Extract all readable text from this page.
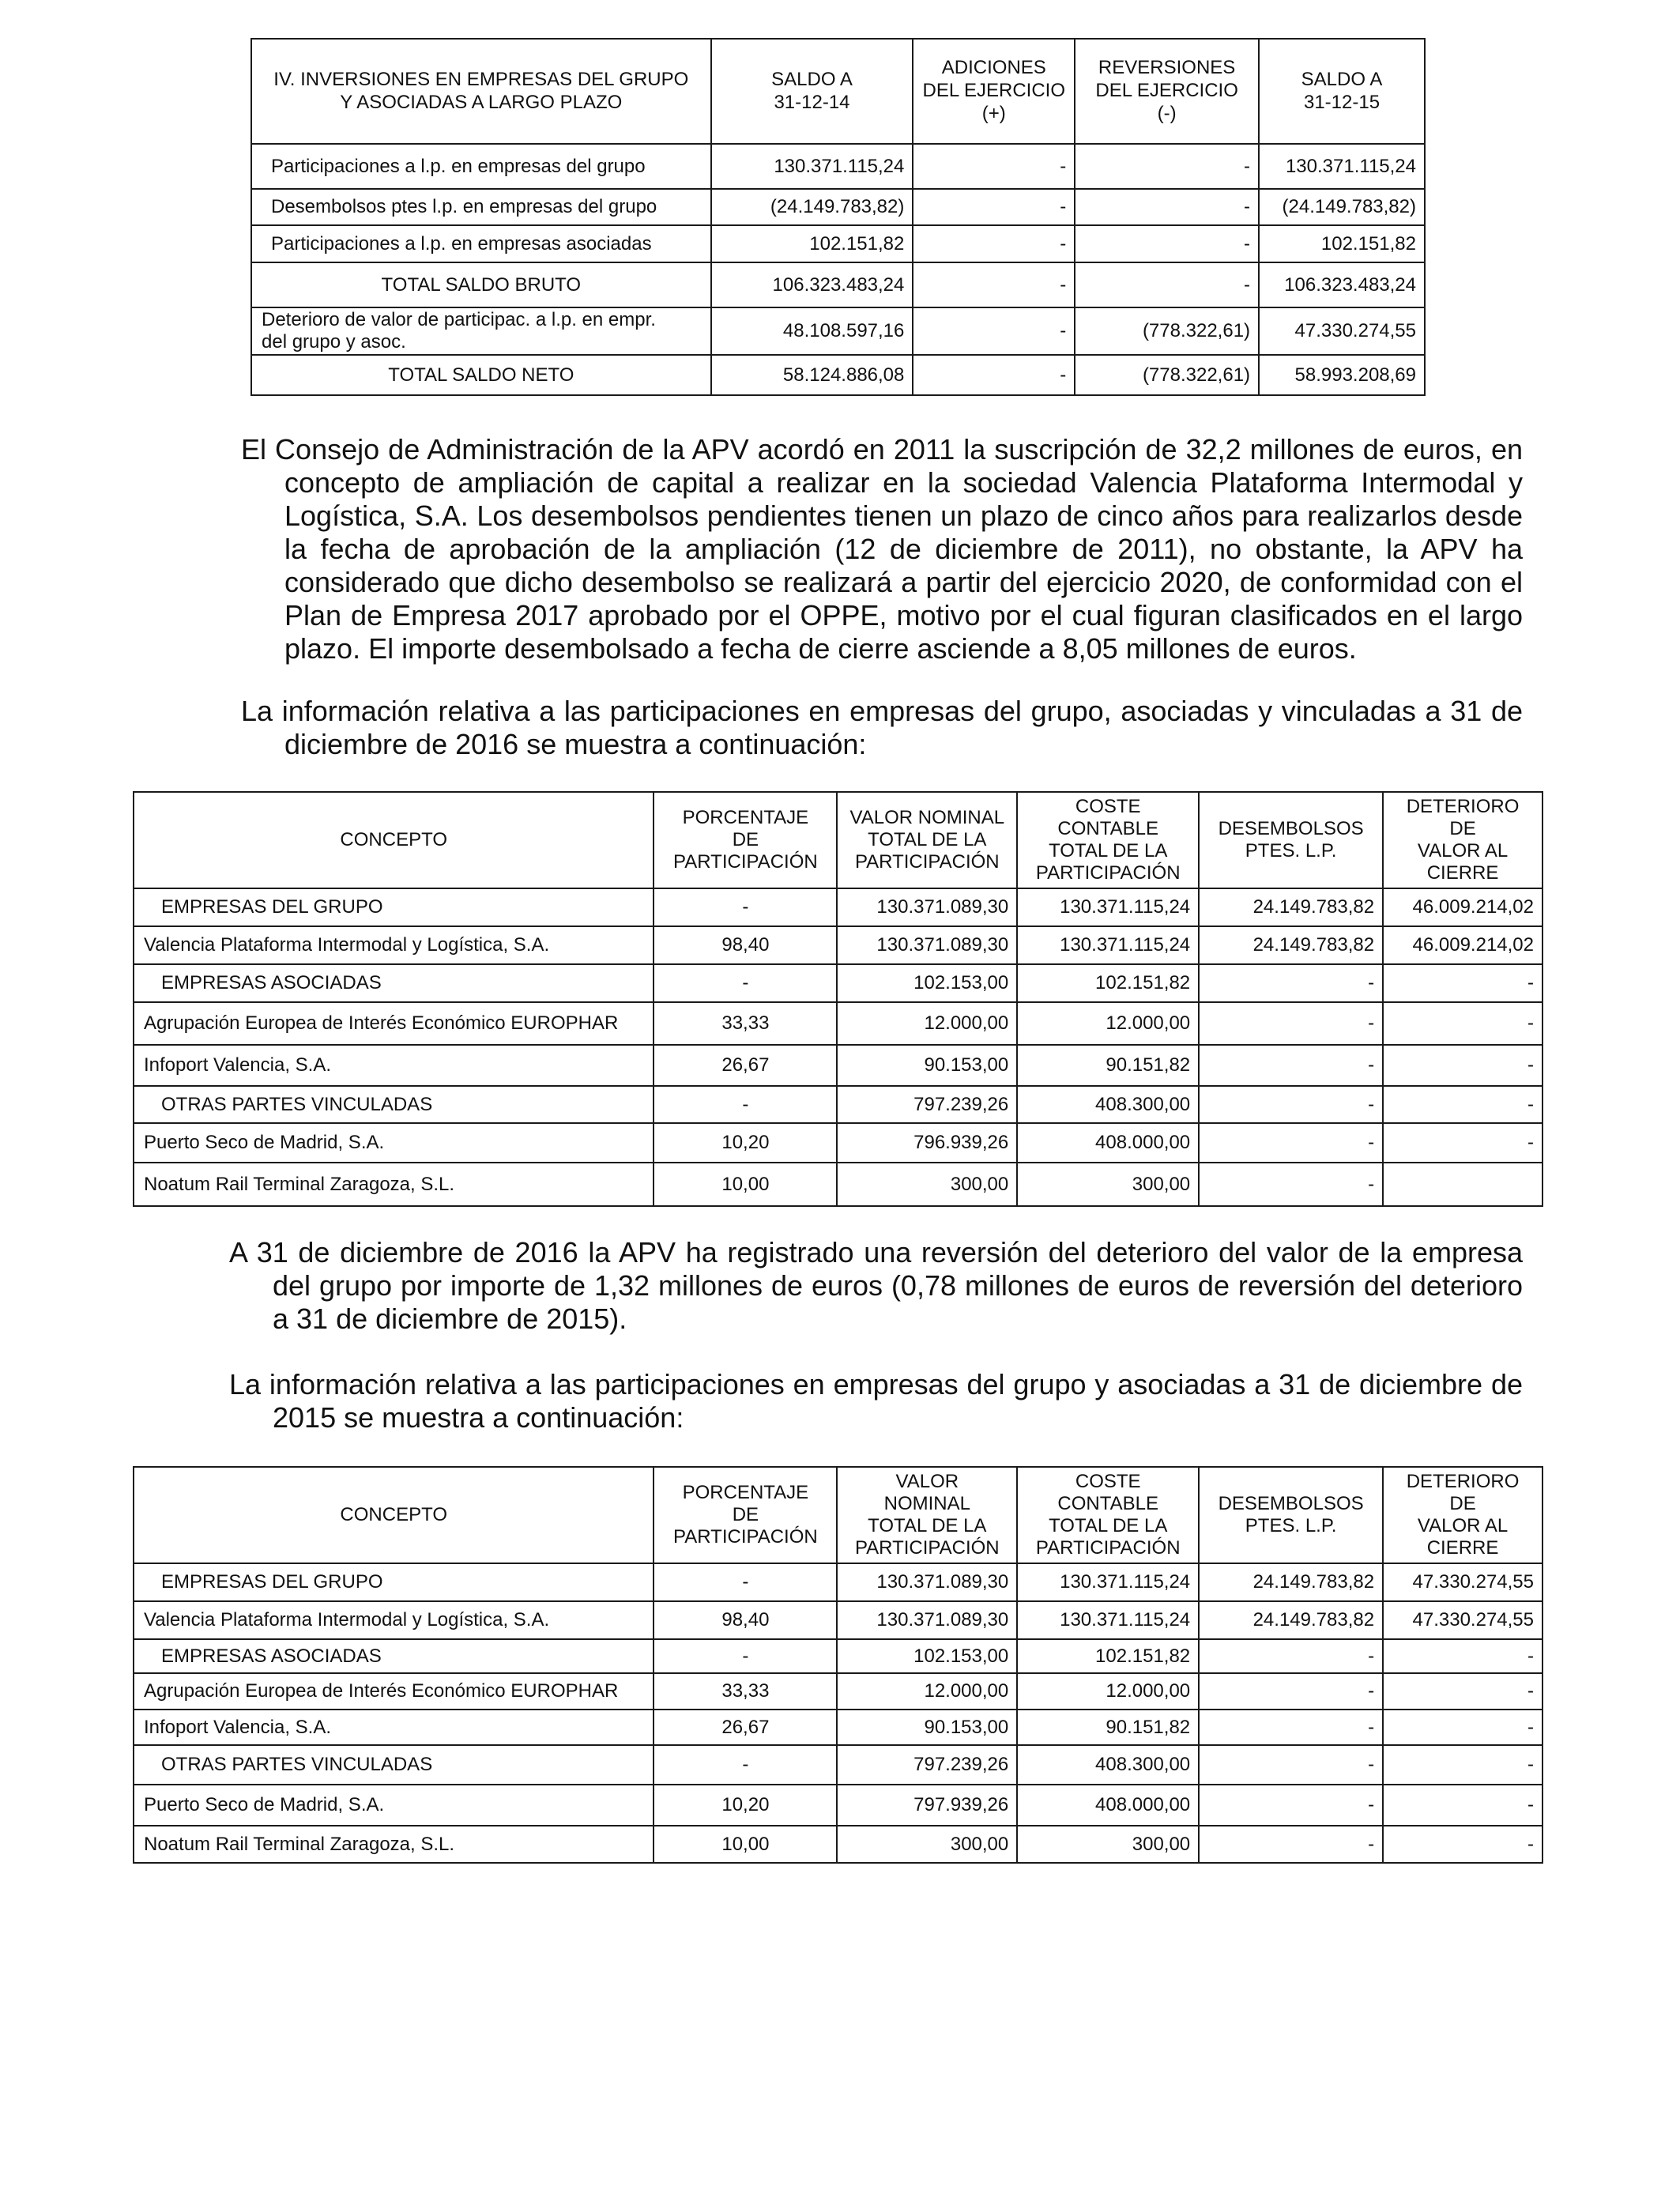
IV. INVERSIONES EN EMPRESAS DEL GRUPO
Y ASOCIADAS A LARGO PLAZO	SALDO A
31-12-14	ADICIONES
DEL EJERCICIO
(+)	REVERSIONES
DEL EJERCICIO
(-)	SALDO A
31-12-15
Participaciones a l.p. en empresas del grupo	130.371.115,24	-	-	130.371.115,24
Desembolsos ptes l.p. en empresas del grupo	(24.149.783,82)	-	-	(24.149.783,82)
Participaciones a l.p. en empresas asociadas	102.151,82	-	-	102.151,82
TOTAL SALDO BRUTO	106.323.483,24	-	-	106.323.483,24
Deterioro de valor de participac. a l.p. en empr.
del grupo y asoc.	48.108.597,16	-	(778.322,61)	47.330.274,55
TOTAL SALDO NETO	58.124.886,08	-	(778.322,61)	58.993.208,69

El Consejo de Administración de la APV acordó en 2011 la suscripción de 32,2 millones de euros, en concepto de ampliación de capital a realizar en la sociedad Valencia Plataforma Intermodal y Logística, S.A. Los desembolsos pendientes tienen un plazo de cinco años para realizarlos desde la fecha de aprobación de la ampliación (12 de diciembre de 2011), no obstante, la APV ha considerado que dicho desembolso se realizará a partir del ejercicio 2020, de conformidad con el Plan de Empresa 2017 aprobado por el OPPE, motivo por el cual figuran clasificados en el largo plazo. El importe desembolsado a fecha de cierre asciende a 8,05 millones de euros.

La información relativa a las participaciones en empresas del grupo, asociadas y vinculadas a 31 de diciembre de 2016 se muestra a continuación:

CONCEPTO	PORCENTAJE
DE
PARTICIPACIÓN	VALOR NOMINAL
TOTAL DE LA
PARTICIPACIÓN	COSTE
CONTABLE
TOTAL DE LA
PARTICIPACIÓN	DESEMBOLSOS
PTES. L.P.	DETERIORO
DE
VALOR AL
CIERRE
EMPRESAS DEL GRUPO	-	130.371.089,30	130.371.115,24	24.149.783,82	46.009.214,02
Valencia Plataforma Intermodal y Logística, S.A.	98,40	130.371.089,30	130.371.115,24	24.149.783,82	46.009.214,02
EMPRESAS ASOCIADAS	-	102.153,00	102.151,82	-	-
Agrupación Europea de Interés Económico EUROPHAR	33,33	12.000,00	12.000,00	-	-
Infoport Valencia, S.A.	26,67	90.153,00	90.151,82	-	-
OTRAS PARTES VINCULADAS	-	797.239,26	408.300,00	-	-
Puerto Seco de Madrid, S.A.	10,20	796.939,26	408.000,00	-	-
Noatum Rail Terminal Zaragoza, S.L.	10,00	300,00	300,00	-	

A 31 de diciembre de 2016 la APV ha registrado una reversión del deterioro del valor de la empresa del grupo por importe de 1,32 millones de euros (0,78 millones de euros de reversión del deterioro a 31 de diciembre de 2015).

La información relativa a las participaciones en empresas del grupo y asociadas a 31 de diciembre de 2015 se muestra a continuación:

CONCEPTO	PORCENTAJE
DE
PARTICIPACIÓN	VALOR
NOMINAL
TOTAL DE LA
PARTICIPACIÓN	COSTE
CONTABLE
TOTAL DE LA
PARTICIPACIÓN	DESEMBOLSOS
PTES. L.P.	DETERIORO
DE
VALOR AL
CIERRE
EMPRESAS DEL GRUPO	-	130.371.089,30	130.371.115,24	24.149.783,82	47.330.274,55
Valencia Plataforma Intermodal y Logística, S.A.	98,40	130.371.089,30	130.371.115,24	24.149.783,82	47.330.274,55
EMPRESAS ASOCIADAS	-	102.153,00	102.151,82	-	-
Agrupación Europea de Interés Económico EUROPHAR	33,33	12.000,00	12.000,00	-	-
Infoport Valencia, S.A.	26,67	90.153,00	90.151,82	-	-
OTRAS PARTES VINCULADAS	-	797.239,26	408.300,00	-	-
Puerto Seco de Madrid, S.A.	10,20	797.939,26	408.000,00	-	-
Noatum Rail Terminal Zaragoza, S.L.	10,00	300,00	300,00	-	-
